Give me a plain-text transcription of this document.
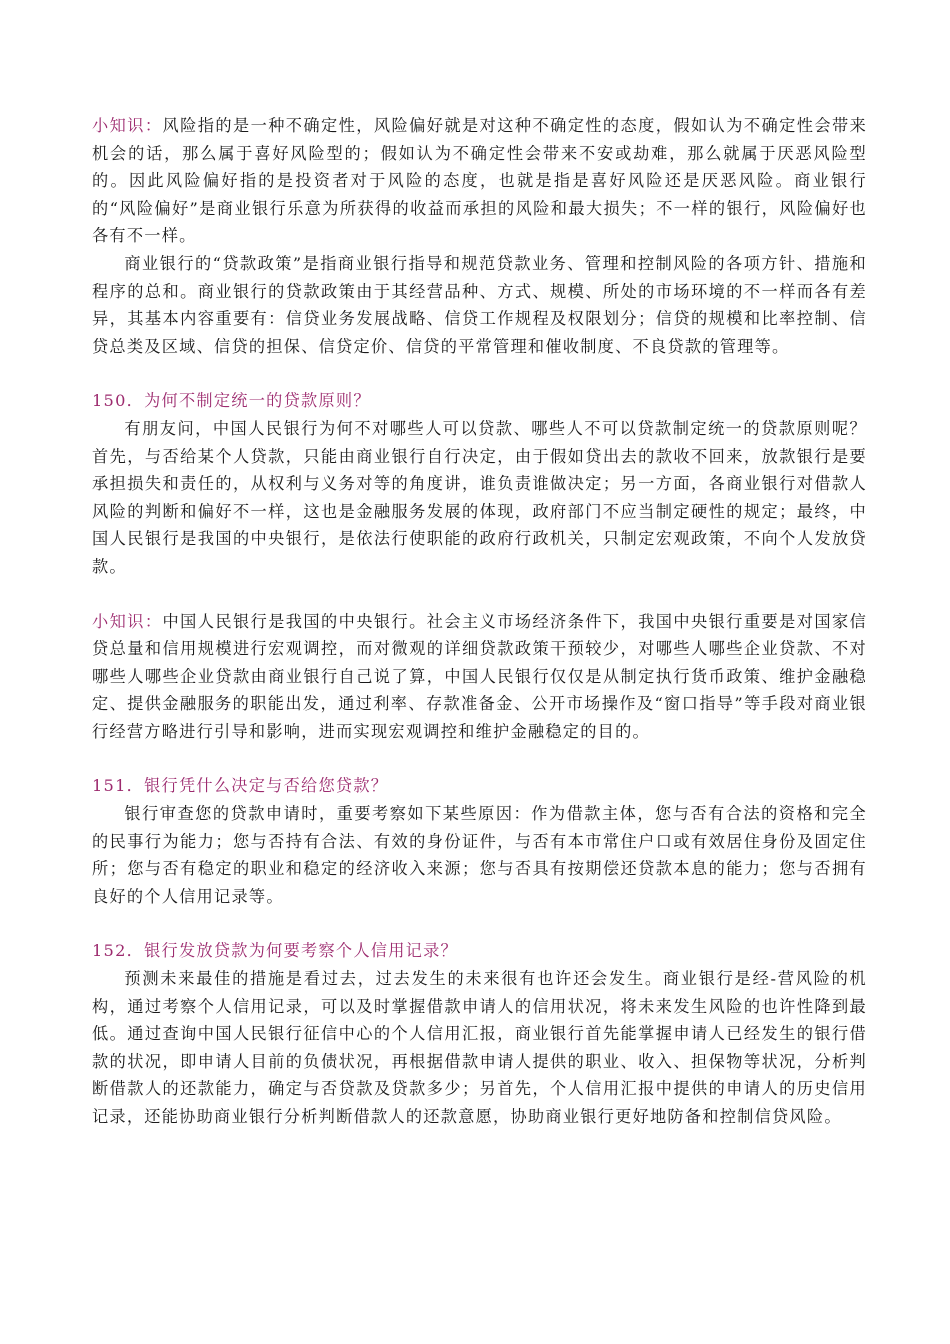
小知识：风险指的是一种不确定性，风险偏好就是对这种不确定性的态度，假如认为不确定性会带来机会的话，那么属于喜好风险型的；假如认为不确定性会带来不安或劫难，那么就属于厌恶风险型的。因此风险偏好指的是投资者对于风险的态度，也就是指是喜好风险还是厌恶风险。商业银行的“风险偏好”是商业银行乐意为所获得的收益而承担的风险和最大损失；不一样的银行，风险偏好也各有不一样。

商业银行的“贷款政策”是指商业银行指导和规范贷款业务、管理和控制风险的各项方针、措施和程序的总和。商业银行的贷款政策由于其经营品种、方式、规模、所处的市场环境的不一样而各有差异，其基本内容重要有：信贷业务发展战略、信贷工作规程及权限划分；信贷的规模和比率控制、信贷总类及区域、信贷的担保、信贷定价、信贷的平常管理和催收制度、不良贷款的管理等。

150．为何不制定统一的贷款原则？

有朋友问，中国人民银行为何不对哪些人可以贷款、哪些人不可以贷款制定统一的贷款原则呢？首先，与否给某个人贷款，只能由商业银行自行决定，由于假如贷出去的款收不回来，放款银行是要承担损失和责任的，从权利与义务对等的角度讲，谁负责谁做决定；另一方面，各商业银行对借款人风险的判断和偏好不一样，这也是金融服务发展的体现，政府部门不应当制定硬性的规定；最终，中国人民银行是我国的中央银行，是依法行使职能的政府行政机关，只制定宏观政策，不向个人发放贷款。

小知识：中国人民银行是我国的中央银行。社会主义市场经济条件下，我国中央银行重要是对国家信贷总量和信用规模进行宏观调控，而对微观的详细贷款政策干预较少，对哪些人哪些企业贷款、不对哪些人哪些企业贷款由商业银行自己说了算，中国人民银行仅仅是从制定执行货币政策、维护金融稳定、提供金融服务的职能出发，通过利率、存款准备金、公开市场操作及“窗口指导”等手段对商业银行经营方略进行引导和影响，进而实现宏观调控和维护金融稳定的目的。

151．银行凭什么决定与否给您贷款？

银行审查您的贷款申请时，重要考察如下某些原因：作为借款主体，您与否有合法的资格和完全的民事行为能力；您与否持有合法、有效的身份证件，与否有本市常住户口或有效居住身份及固定住所；您与否有稳定的职业和稳定的经济收入来源；您与否具有按期偿还贷款本息的能力；您与否拥有良好的个人信用记录等。

152．银行发放贷款为何要考察个人信用记录？

预测未来最佳的措施是看过去，过去发生的未来很有也许还会发生。商业银行是经-营风险的机构，通过考察个人信用记录，可以及时掌握借款申请人的信用状况，将未来发生风险的也许性降到最低。通过查询中国人民银行征信中心的个人信用汇报，商业银行首先能掌握申请人已经发生的银行借款的状况，即申请人目前的负债状况，再根据借款申请人提供的职业、收入、担保物等状况，分析判断借款人的还款能力，确定与否贷款及贷款多少；另首先，个人信用汇报中提供的申请人的历史信用记录，还能协助商业银行分析判断借款人的还款意愿，协助商业银行更好地防备和控制信贷风险。
